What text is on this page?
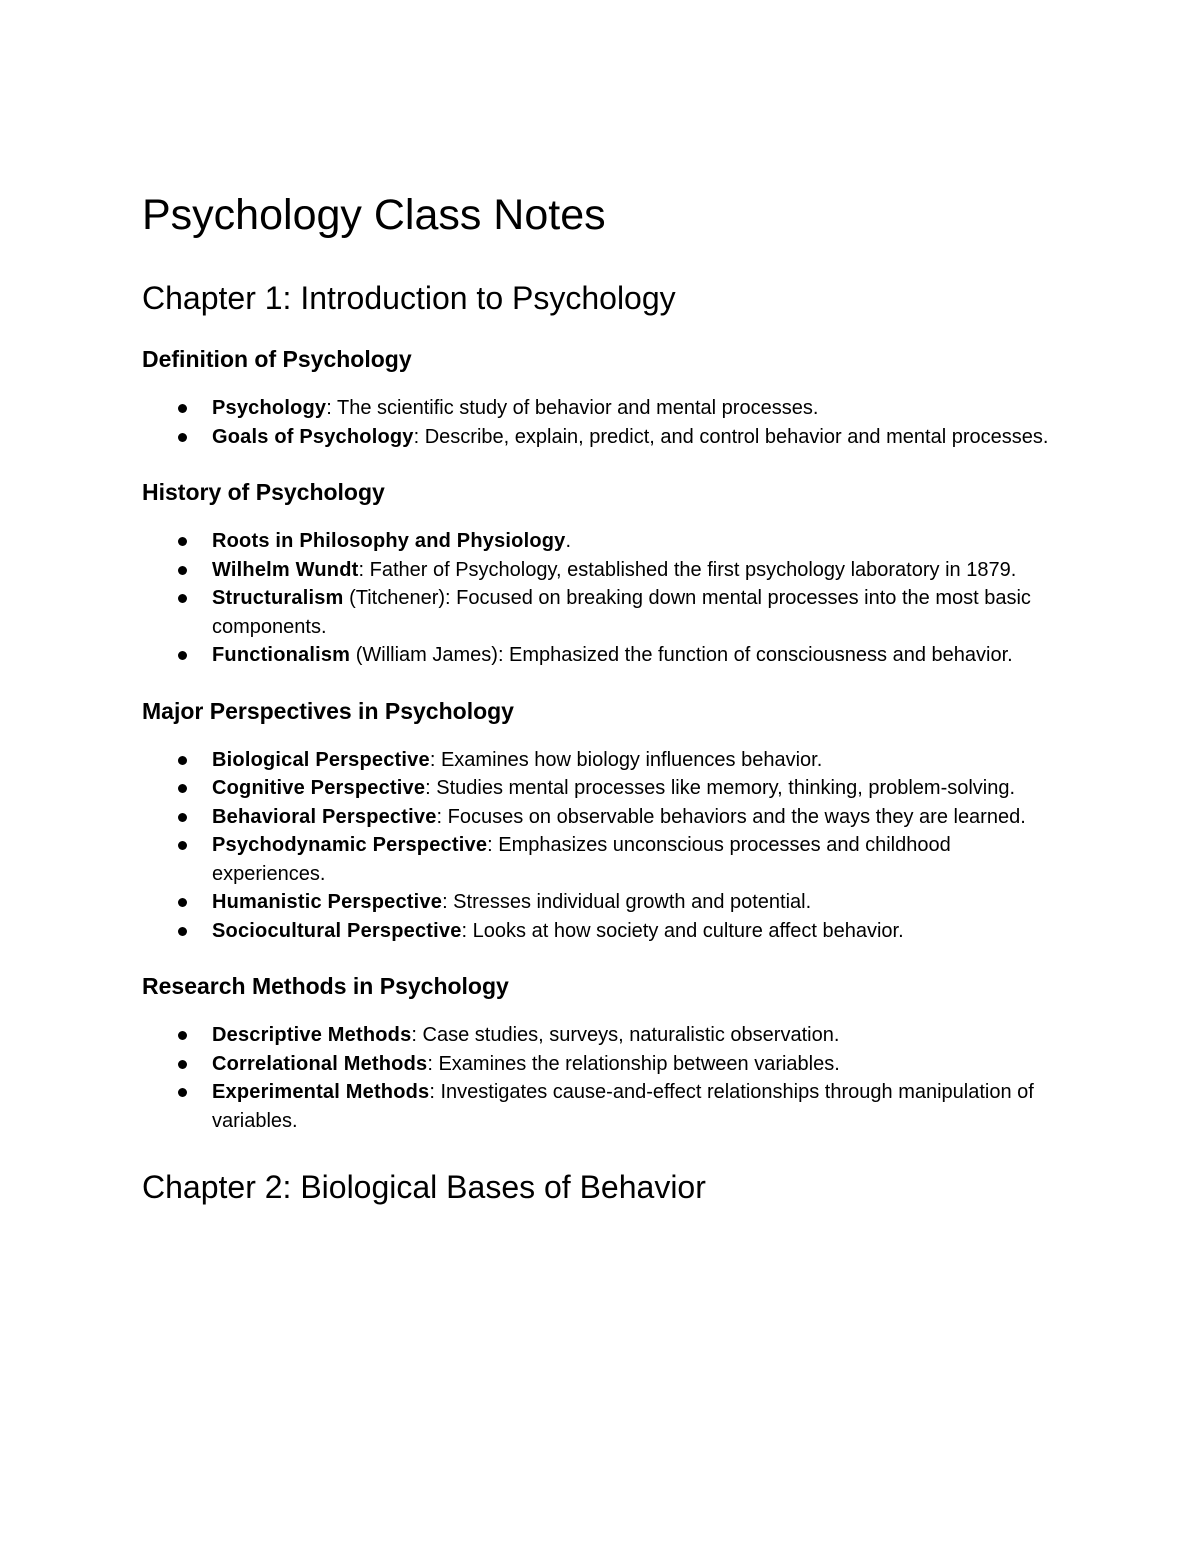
Psychology Class Notes
Chapter 1: Introduction to Psychology
Definition of Psychology
Psychology: The scientific study of behavior and mental processes.
Goals of Psychology: Describe, explain, predict, and control behavior and mental processes.
History of Psychology
Roots in Philosophy and Physiology.
Wilhelm Wundt: Father of Psychology, established the first psychology laboratory in 1879.
Structuralism (Titchener): Focused on breaking down mental processes into the most basic components.
Functionalism (William James): Emphasized the function of consciousness and behavior.
Major Perspectives in Psychology
Biological Perspective: Examines how biology influences behavior.
Cognitive Perspective: Studies mental processes like memory, thinking, problem-solving.
Behavioral Perspective: Focuses on observable behaviors and the ways they are learned.
Psychodynamic Perspective: Emphasizes unconscious processes and childhood experiences.
Humanistic Perspective: Stresses individual growth and potential.
Sociocultural Perspective: Looks at how society and culture affect behavior.
Research Methods in Psychology
Descriptive Methods: Case studies, surveys, naturalistic observation.
Correlational Methods: Examines the relationship between variables.
Experimental Methods: Investigates cause-and-effect relationships through manipulation of variables.
Chapter 2: Biological Bases of Behavior
